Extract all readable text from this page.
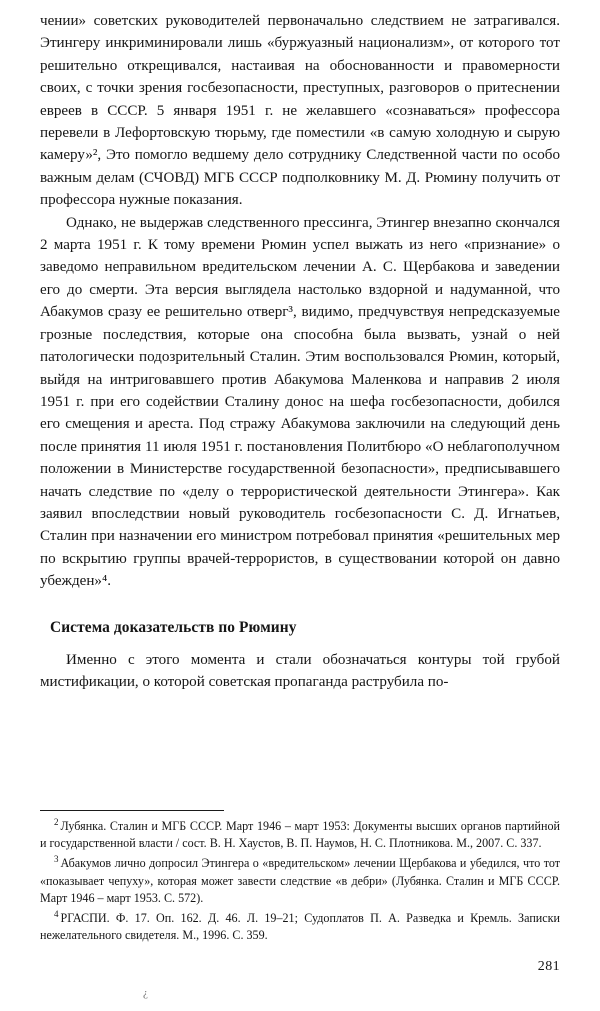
чении» советских руководителей первоначально следствием не затрагивался. Этингеру инкриминировали лишь «буржуазный национализм», от которого тот решительно открещивался, настаивая на обоснованности и правомерности своих, с точки зрения госбезопасности, преступных, разговоров о притеснении евреев в СССР. 5 января 1951 г. не желавшего «сознаваться» профессора перевели в Лефортовскую тюрьму, где поместили «в самую холодную и сырую камеру»², Это помогло ведшему дело сотруднику Следственной части по особо важным делам (СЧОВД) МГБ СССР подполковнику М. Д. Рюмину получить от профессора нужные показания.

Однако, не выдержав следственного прессинга, Этингер внезапно скончался 2 марта 1951 г. К тому времени Рюмин успел выжать из него «признание» о заведомо неправильном вредительском лечении А. С. Щербакова и заведении его до смерти. Эта версия выглядела настолько вздорной и надуманной, что Абакумов сразу ее решительно отверг³, видимо, предчувствуя непредсказуемые грозные последствия, которые она способна была вызвать, узнай о ней патологически подозрительный Сталин. Этим воспользовался Рюмин, который, выйдя на интриговавшего против Абакумова Маленкова и направив 2 июля 1951 г. при его содействии Сталину донос на шефа госбезопасности, добился его смещения и ареста. Под стражу Абакумова заключили на следующий день после принятия 11 июля 1951 г. постановления Политбюро «О неблагополучном положении в Министерстве государственной безопасности», предписывавшего начать следствие по «делу о террористической деятельности Этингера». Как заявил впоследствии новый руководитель госбезопасности С. Д. Игнатьев, Сталин при назначении его министром потребовал принятия «решительных мер по вскрытию группы врачей-террористов, в существовании которой он давно убежден»⁴.

Система доказательств по Рюмину

Именно с этого момента и стали обозначаться контуры той грубой мистификации, о которой советская пропаганда раструбила по-

$^2$ Лубянка. Сталин и МГБ СССР. Март 1946 – март 1953: Документы высших органов партийной и государственной власти / сост. В. Н. Хаустов, В. П. Наумов, Н. С. Плотникова. М., 2007. С. 337.

$^3$ Абакумов лично допросил Этингера о «вредительском» лечении Щербакова и убедился, что тот «показывает чепуху», которая может завести следствие «в дебри» (Лубянка. Сталин и МГБ СССР. Март 1946 – март 1953. С. 572).

$^4$ РГАСПИ. Ф. 17. Оп. 162. Д. 46. Л. 19–21; Судоплатов П. А. Разведка и Кремль. Записки нежелательного свидетеля. М., 1996. С. 359.

281
¿
